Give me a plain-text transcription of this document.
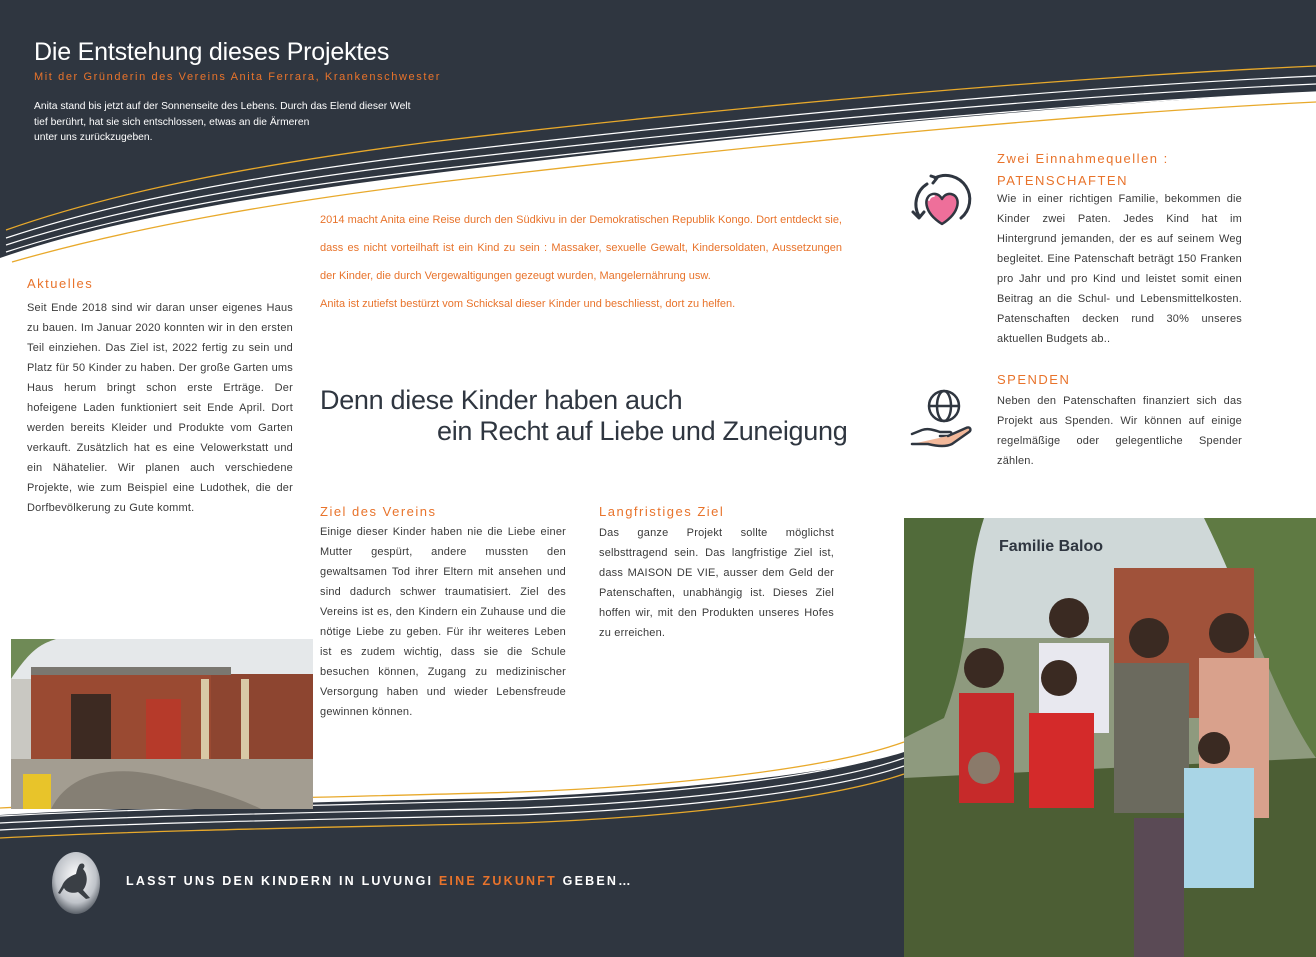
Die Entstehung dieses Projektes
Mit der Gründerin des Vereins Anita Ferrara, Krankenschwester
Anita stand bis jetzt auf der Sonnenseite des Lebens. Durch das Elend dieser Welt
tief berührt, hat sie sich entschlossen, etwas an die Ärmeren
unter uns zurückzugeben.
Aktuelles
Seit Ende 2018 sind wir daran unser eigenes Haus zu bauen. Im Januar 2020 konnten wir in den ersten Teil einziehen. Das Ziel ist, 2022 fertig zu sein und Platz für 50 Kinder zu haben. Der große Garten ums Haus herum bringt schon erste Erträge. Der hofeigene Laden funktioniert seit Ende April. Dort werden bereits Kleider und Produkte vom Garten verkauft. Zusätzlich hat es eine Velowerkstatt und ein Nähatelier. Wir planen auch verschiedene Projekte, wie zum Beispiel eine Ludothek, die der Dorfbevölkerung zu Gute kommt.
2014 macht Anita eine Reise durch den Südkivu in der Demokratischen Republik Kongo. Dort entdeckt sie, dass es nicht vorteilhaft ist ein Kind zu sein : Massaker, sexuelle Gewalt, Kindersoldaten, Aussetzungen der Kinder, die durch Vergewaltigungen gezeugt wurden, Mangelernährung usw.
Anita ist zutiefst bestürzt vom Schicksal dieser Kinder und beschliesst, dort zu helfen.
Denn diese Kinder haben auch
ein Recht auf Liebe und Zuneigung
Ziel des Vereins
Einige dieser Kinder haben nie die Liebe einer Mutter gespürt, andere mussten den gewaltsamen Tod ihrer Eltern mit ansehen und sind dadurch schwer traumatisiert. Ziel des Vereins ist es, den Kindern ein Zuhause und die nötige Liebe zu geben. Für ihr weiteres Leben ist es zudem wichtig, dass sie die Schule besuchen können, Zugang zu medizinischer Versorgung haben und wieder Lebensfreude gewinnen können.
Langfristiges Ziel
Das ganze Projekt sollte möglichst selbsttragend sein. Das langfristige Ziel ist, dass MAISON DE VIE, ausser dem Geld der Patenschaften, unabhängig ist. Dieses Ziel hoffen wir, mit den Produkten unseres Hofes zu erreichen.
Zwei Einnahmequellen :
PATENSCHAFTEN
Wie in einer richtigen Familie, bekommen die Kinder zwei Paten. Jedes Kind hat im Hintergrund jemanden, der es auf seinem Weg begleitet. Eine Patenschaft beträgt 150 Franken pro Jahr und pro Kind und leistet somit einen Beitrag an die Schul- und Lebensmittelkosten. Patenschaften decken rund 30% unseres aktuellen Budgets ab..
SPENDEN
Neben den Patenschaften finanziert sich das Projekt aus Spenden. Wir können auf einige regelmäßige oder gelegentliche Spender zählen.
Familie Baloo
LASST UNS DEN KINDERN IN LUVUNGI EINE ZUKUNFT GEBEN…
